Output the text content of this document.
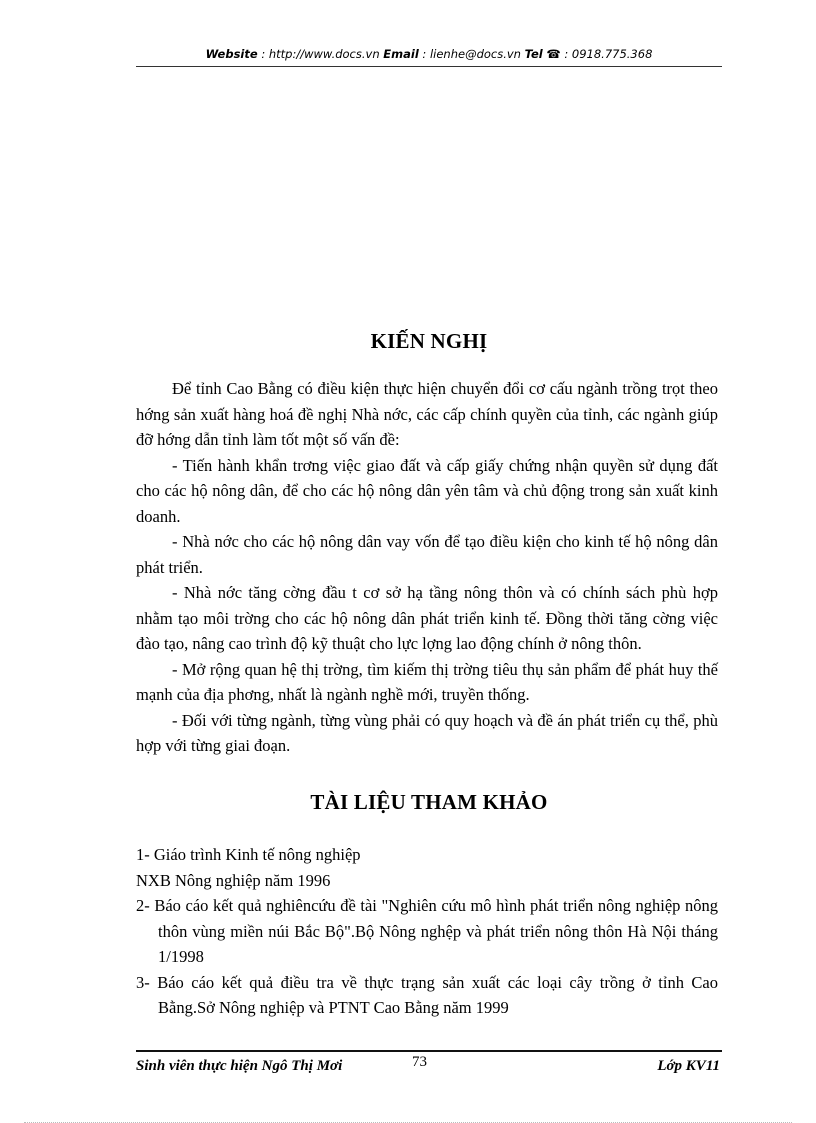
Website : http://www.docs.vn Email : lienhe@docs.vn Tel ☎ : 0918.775.368
KIẾN NGHỊ

Để tỉnh Cao Bằng có điều kiện thực hiện chuyển đổi cơ cấu ngành trồng trọt theo hớng sản xuất hàng hoá đề nghị Nhà nớc, các cấp chính quyền của tỉnh, các ngành giúp đỡ hớng dẫn tỉnh làm tốt một số vấn đề:

- Tiến hành khẩn trơng việc giao đất và cấp giấy chứng nhận quyền sử dụng đất cho các hộ nông dân, để cho các hộ nông dân yên tâm và chủ động trong sản xuất kinh doanh.

- Nhà nớc cho các hộ nông dân vay vốn để tạo điều kiện cho kinh tế hộ nông dân phát triển.

- Nhà nớc tăng cờng đầu t cơ sở hạ tầng nông thôn và có chính sách phù hợp nhằm tạo môi trờng cho các hộ nông dân phát triển kinh tế. Đồng thời tăng cờng việc đào tạo, nâng cao trình độ kỹ thuật cho lực lợng lao động chính ở nông thôn.

- Mở rộng quan hệ thị trờng, tìm kiếm thị trờng tiêu thụ sản phẩm để phát huy thế mạnh của địa phơng, nhất là ngành nghề mới, truyền thống.

- Đối với từng ngành, từng vùng phải có quy hoạch và đề án phát triển cụ thể, phù hợp với từng giai đoạn.

TÀI LIỆU THAM KHẢO

1- Giáo trình Kinh tế nông nghiệp

NXB Nông nghiệp năm 1996

2- Báo cáo kết quả nghiêncứu đề tài "Nghiên cứu mô hình phát triển nông nghiệp nông thôn vùng miền núi Bắc Bộ".Bộ Nông nghệp và phát triển nông thôn Hà Nội tháng 1/1998

3- Báo cáo kết quả điều tra về thực trạng sản xuất các loại cây trồng ở tỉnh Cao Bằng.Sở Nông nghiệp và PTNT Cao Bằng năm 1999

Sinh viên thực hiện Ngô Thị Mơi	73	Lớp KV11
